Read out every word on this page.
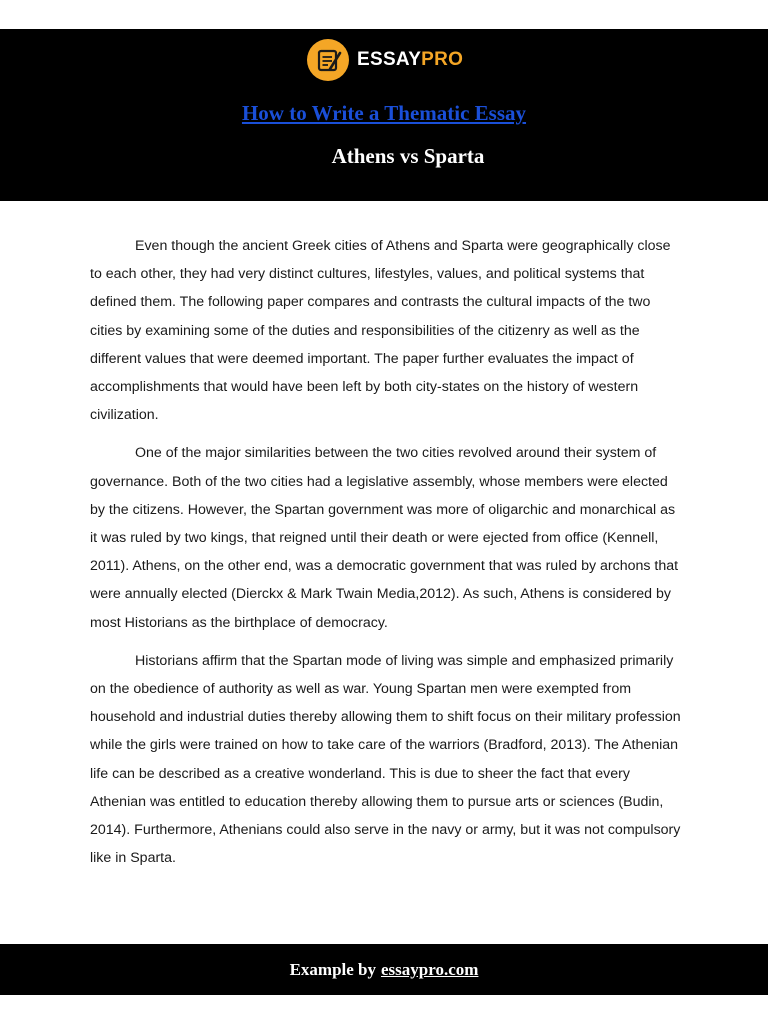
ESSAYPRO
How to Write a Thematic Essay
Athens vs Sparta

Even though the ancient Greek cities of Athens and Sparta were geographically close to each other, they had very distinct cultures, lifestyles, values, and political systems that defined them. The following paper compares and contrasts the cultural impacts of the two cities by examining some of the duties and responsibilities of the citizenry as well as the different values that were deemed important. The paper further evaluates the impact of accomplishments that would have been left by both city-states on the history of western civilization.

One of the major similarities between the two cities revolved around their system of governance. Both of the two cities had a legislative assembly, whose members were elected by the citizens. However, the Spartan government was more of oligarchic and monarchical as it was ruled by two kings, that reigned until their death or were ejected from office (Kennell, 2011). Athens, on the other end, was a democratic government that was ruled by archons that were annually elected (Dierckx & Mark Twain Media,2012). As such, Athens is considered by most Historians as the birthplace of democracy.

Historians affirm that the Spartan mode of living was simple and emphasized primarily on the obedience of authority as well as war. Young Spartan men were exempted from household and industrial duties thereby allowing them to shift focus on their military profession while the girls were trained on how to take care of the warriors (Bradford, 2013). The Athenian life can be described as a creative wonderland. This is due to sheer the fact that every Athenian was entitled to education thereby allowing them to pursue arts or sciences (Budin, 2014). Furthermore, Athenians could also serve in the navy or army, but it was not compulsory like in Sparta.

Example by essaypro.com
